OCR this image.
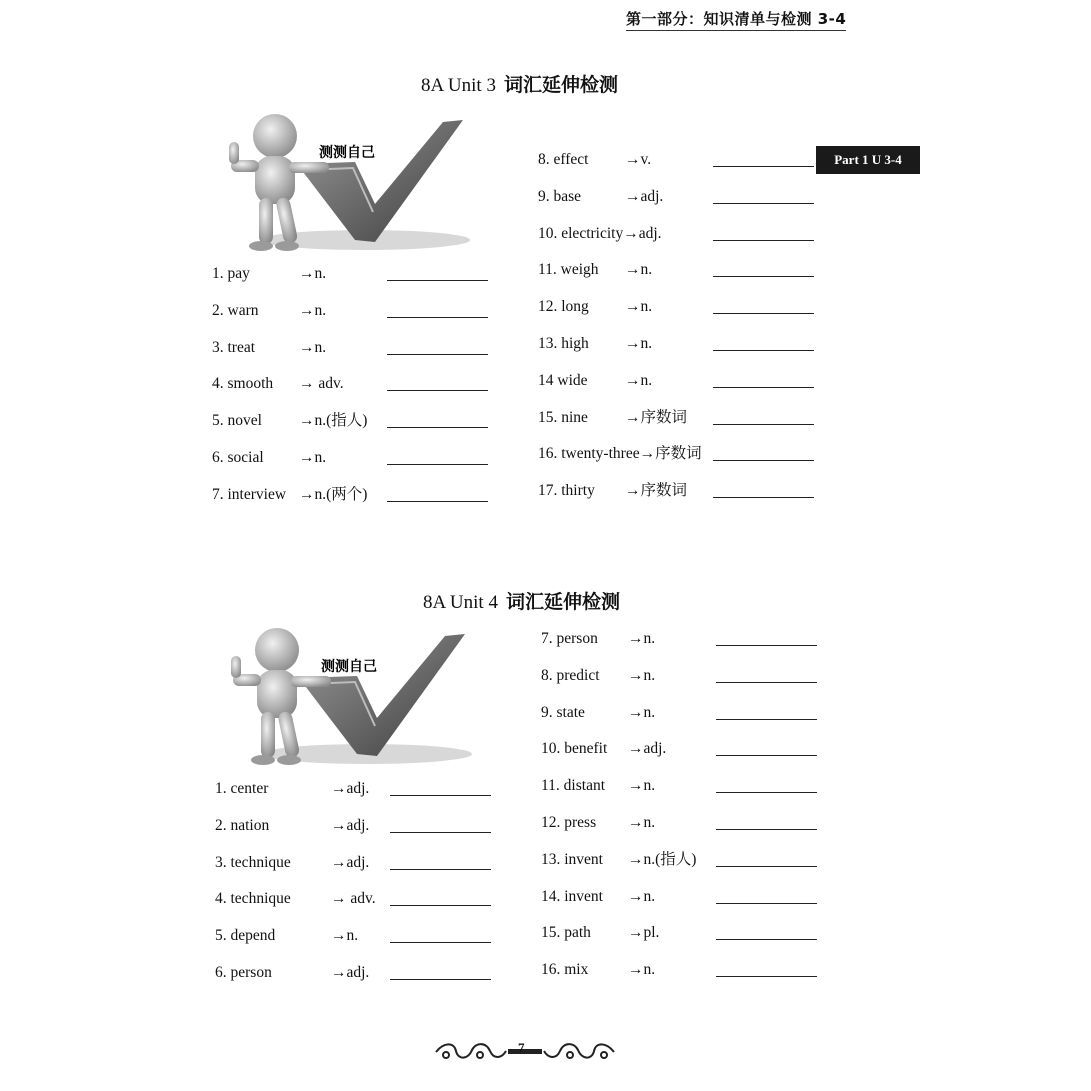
第一部分：知识清单与检测 3-4
Part 1 U 3-4
8A Unit 3 词汇延伸检测
测测自己
1. pay	→n.
2. warn	→n.
3. treat	→n.
4. smooth → adv.
5. novel →n.(指人)
6. social →n.
7. interview →n.(两个)
8. effect →v.
9. base	→adj.
10. electricity→adj.
11. weigh →n.
12. long →n.
13. high →n.
14 wide →n.
15. nine →序数词
16. twenty-three→序数词
17. thirty →序数词
8A Unit 4 词汇延伸检测
测测自己
1. center	→adj.
2. nation	→adj.
3. technique	→adj.
4. technique	→ adv.
5. depend	→n.
6. person	→adj.
7. person →n.
8. predict →n.
9. state	→n.
10. benefit →adj.
11. distant →n.
12. press →n.
13. invent →n.(指人)
14. invent →n.
15. path →pl.
16. mix	→n.
7
